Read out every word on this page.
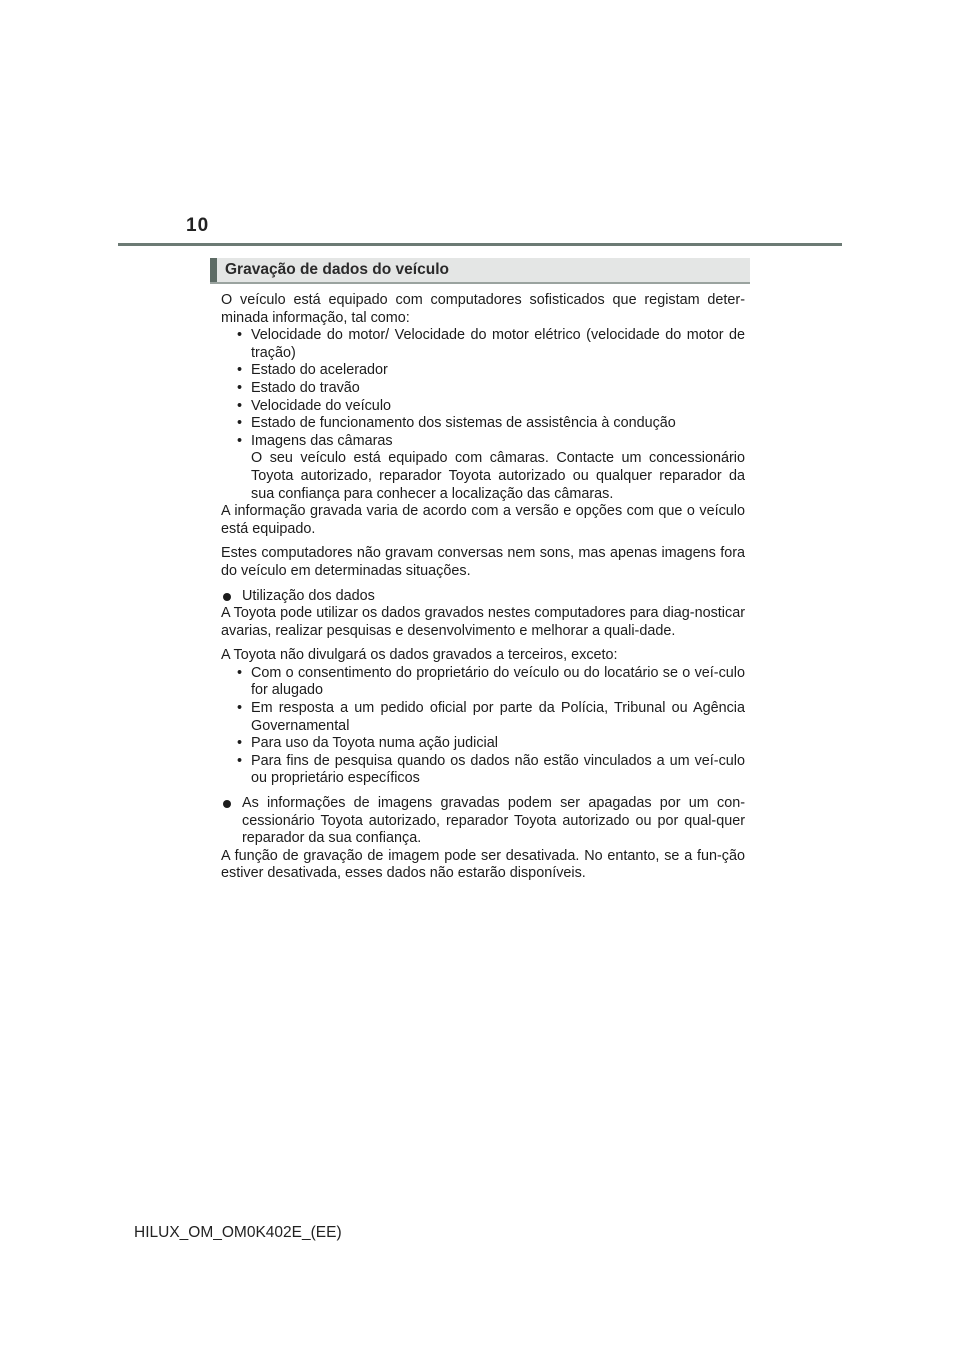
10
Gravação de dados do veículo

O veículo está equipado com computadores sofisticados que registam deter-minada informação, tal como:

• Velocidade do motor/ Velocidade do motor elétrico (velocidade do motor de tração)
• Estado do acelerador
• Estado do travão
• Velocidade do veículo
• Estado de funcionamento dos sistemas de assistência à condução
• Imagens das câmaras
O seu veículo está equipado com câmaras. Contacte um concessionário Toyota autorizado, reparador Toyota autorizado ou qualquer reparador da sua confiança para conhecer a localização das câmaras.

A informação gravada varia de acordo com a versão e opções com que o veículo está equipado.

Estes computadores não gravam conversas nem sons, mas apenas imagens fora do veículo em determinadas situações.

Utilização dos dados

A Toyota pode utilizar os dados gravados nestes computadores para diag-nosticar avarias, realizar pesquisas e desenvolvimento e melhorar a quali-dade.

A Toyota não divulgará os dados gravados a terceiros, exceto:

• Com o consentimento do proprietário do veículo ou do locatário se o veí-culo for alugado
• Em resposta a um pedido oficial por parte da Polícia, Tribunal ou Agência Governamental
• Para uso da Toyota numa ação judicial
• Para fins de pesquisa quando os dados não estão vinculados a um veí-culo ou proprietário específicos

As informações de imagens gravadas podem ser apagadas por um con-cessionário Toyota autorizado, reparador Toyota autorizado ou por qual-quer reparador da sua confiança.

A função de gravação de imagem pode ser desativada. No entanto, se a fun-ção estiver desativada, esses dados não estarão disponíveis.

HILUX_OM_OM0K402E_(EE)
